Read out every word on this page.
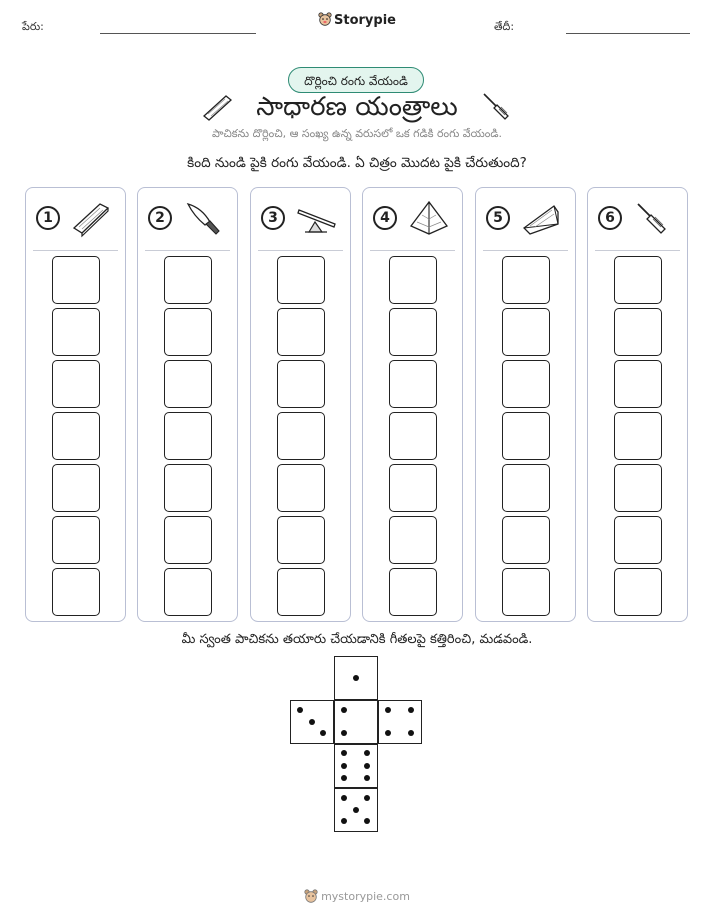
పేరు:	Storypie	తేదీ:
దొర్లించి రంగు వేయండి
సాధారణ యంత్రాలు
పాచికను దొర్లించి, ఆ సంఖ్య ఉన్న వరుసలో ఒక గడికి రంగు వేయండి.
కింది నుండి పైకి రంగు వేయండి. ఏ చిత్రం మొదట పైకి చేరుతుంది?
1	2	3	4	5	6
మీ స్వంత పాచికను తయారు చేయడానికి గీతలపై కత్తిరించి, మడవండి.
mystorypie.com
